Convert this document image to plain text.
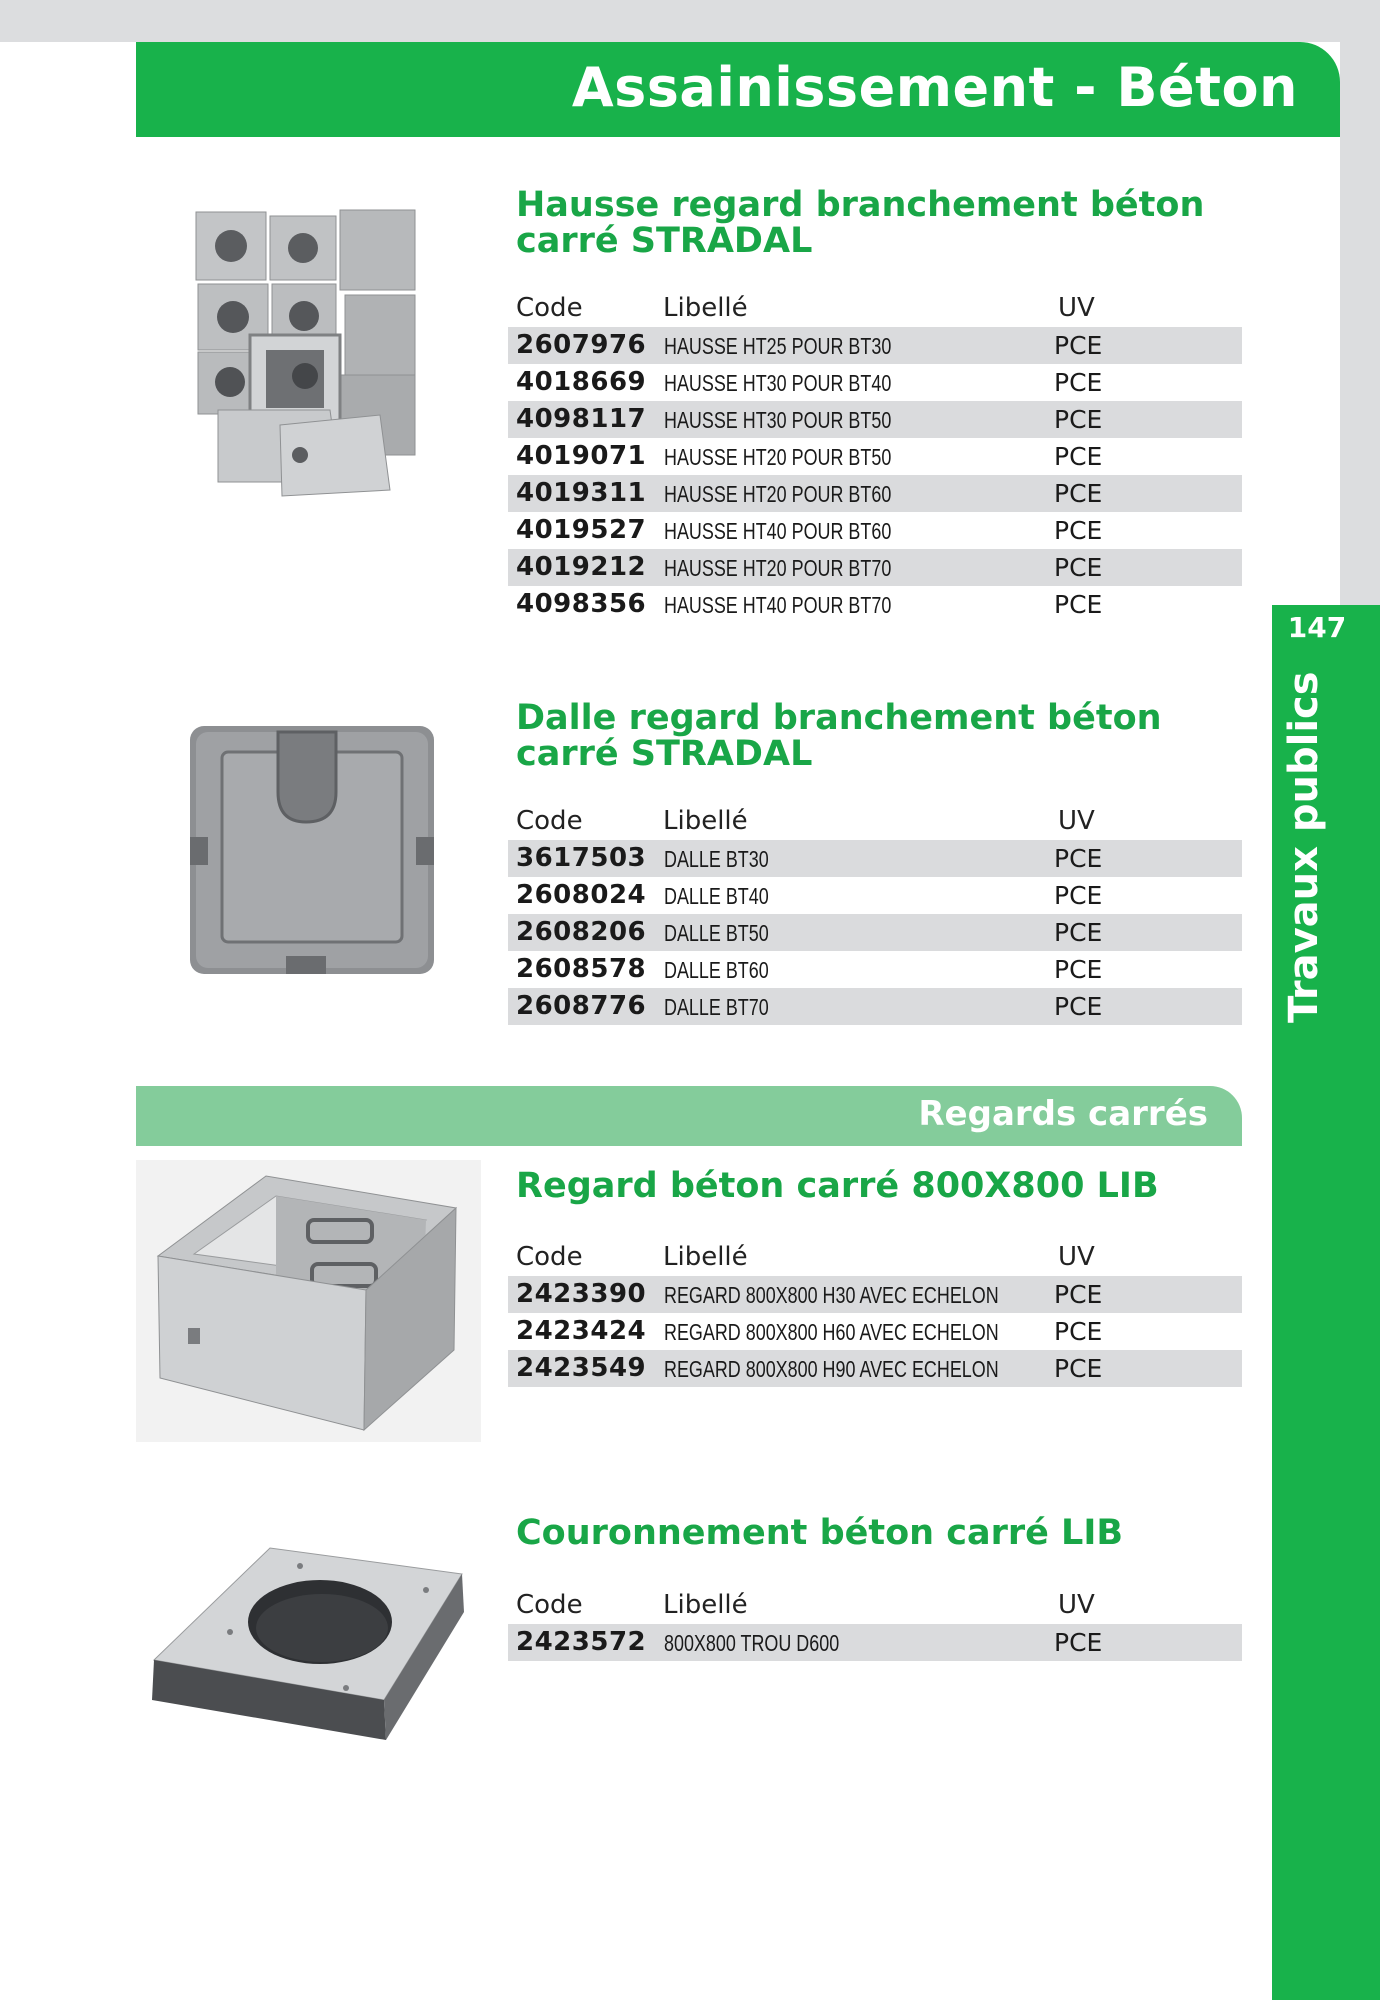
Assainissement - Béton
147
Travaux publics
Hausse regard branchement béton
carré STRADAL
Code	Libellé	UV
2607976 HAUSSE HT25 POUR BT30	PCE
4018669 HAUSSE HT30 POUR BT40	PCE
4098117 HAUSSE HT30 POUR BT50	PCE
4019071 HAUSSE HT20 POUR BT50	PCE
4019311 HAUSSE HT20 POUR BT60	PCE
4019527 HAUSSE HT40 POUR BT60	PCE
4019212 HAUSSE HT20 POUR BT70	PCE
4098356 HAUSSE HT40 POUR BT70	PCE
Dalle regard branchement béton
carré STRADAL
Code	Libellé	UV
3617503 DALLE BT30	PCE
2608024 DALLE BT40	PCE
2608206 DALLE BT50	PCE
2608578 DALLE BT60	PCE
2608776 DALLE BT70	PCE
Regards carrés
Regard béton carré 800X800 LIB
Code	Libellé	UV
2423390 REGARD 800X800 H30 AVEC ECHELON PCE
2423424 REGARD 800X800 H60 AVEC ECHELON PCE
2423549 REGARD 800X800 H90 AVEC ECHELON PCE
Couronnement béton carré LIB
Code	Libellé	UV
2423572 800X800 TROU D600	PCE
